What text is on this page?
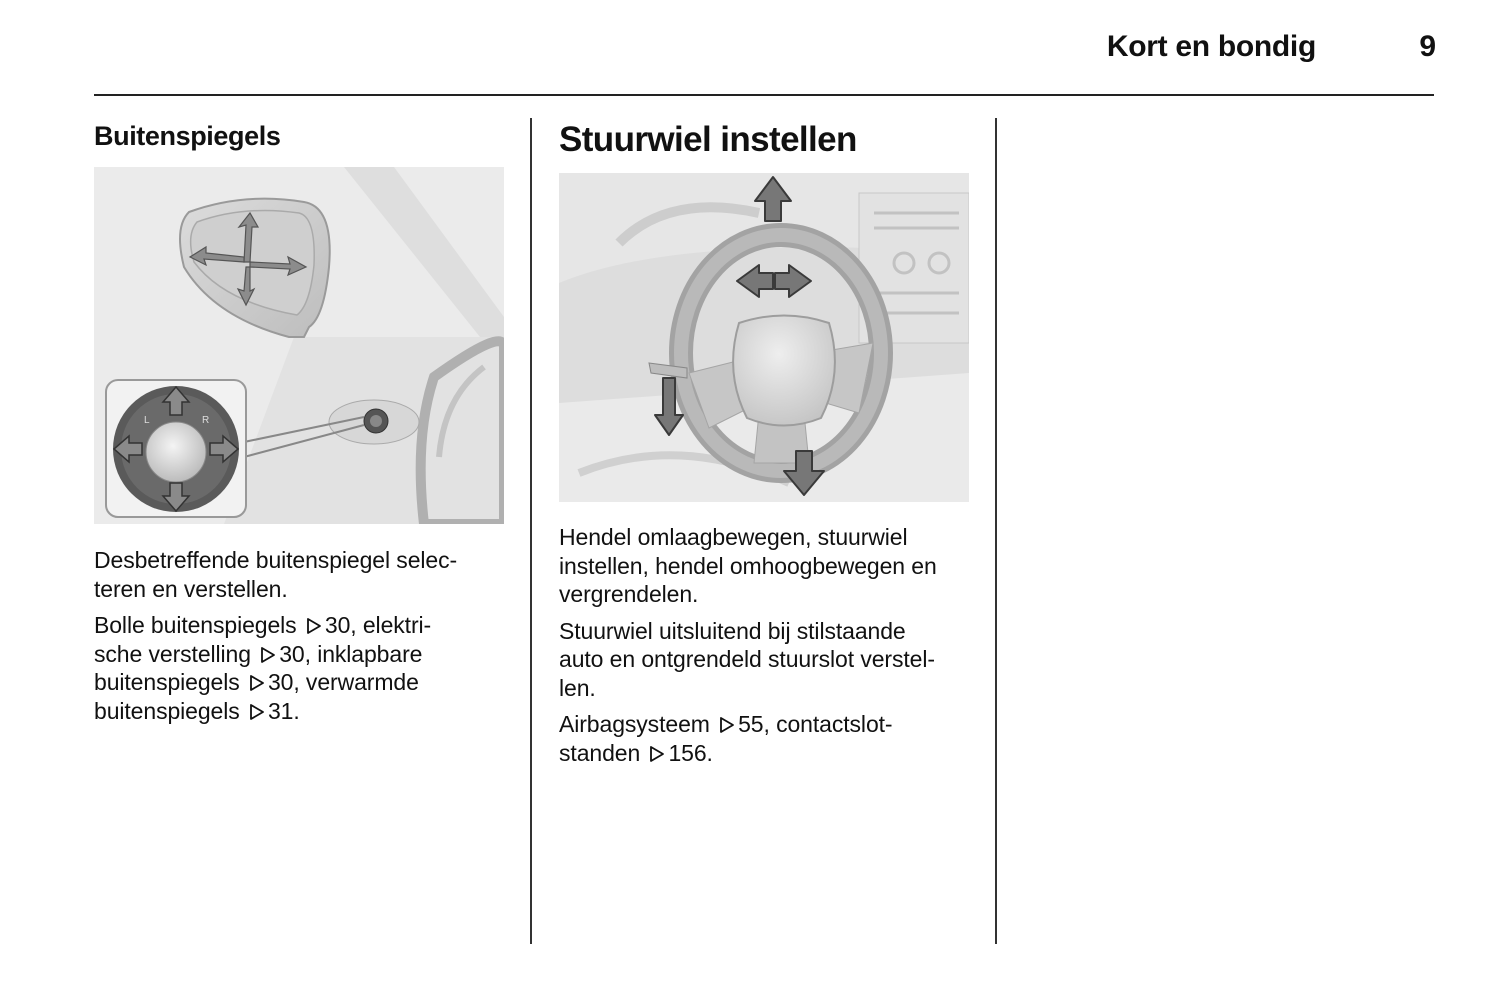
Kort en bondig	9
Buitenspiegels
L	R

Desbetreffende buitenspiegel selec-
teren en verstellen.

Bolle buitenspiegels 30, elektri-
sche verstelling 30, inklapbare
buitenspiegels 30, verwarmde
buitenspiegels 31.

Stuurwiel instellen

Hendel omlaagbewegen, stuurwiel
instellen, hendel omhoogbewegen en
vergrendelen.

Stuurwiel uitsluitend bij stilstaande
auto en ontgrendeld stuurslot verstel-
len.

Airbagsysteem 55, contactslot-
standen 156.
